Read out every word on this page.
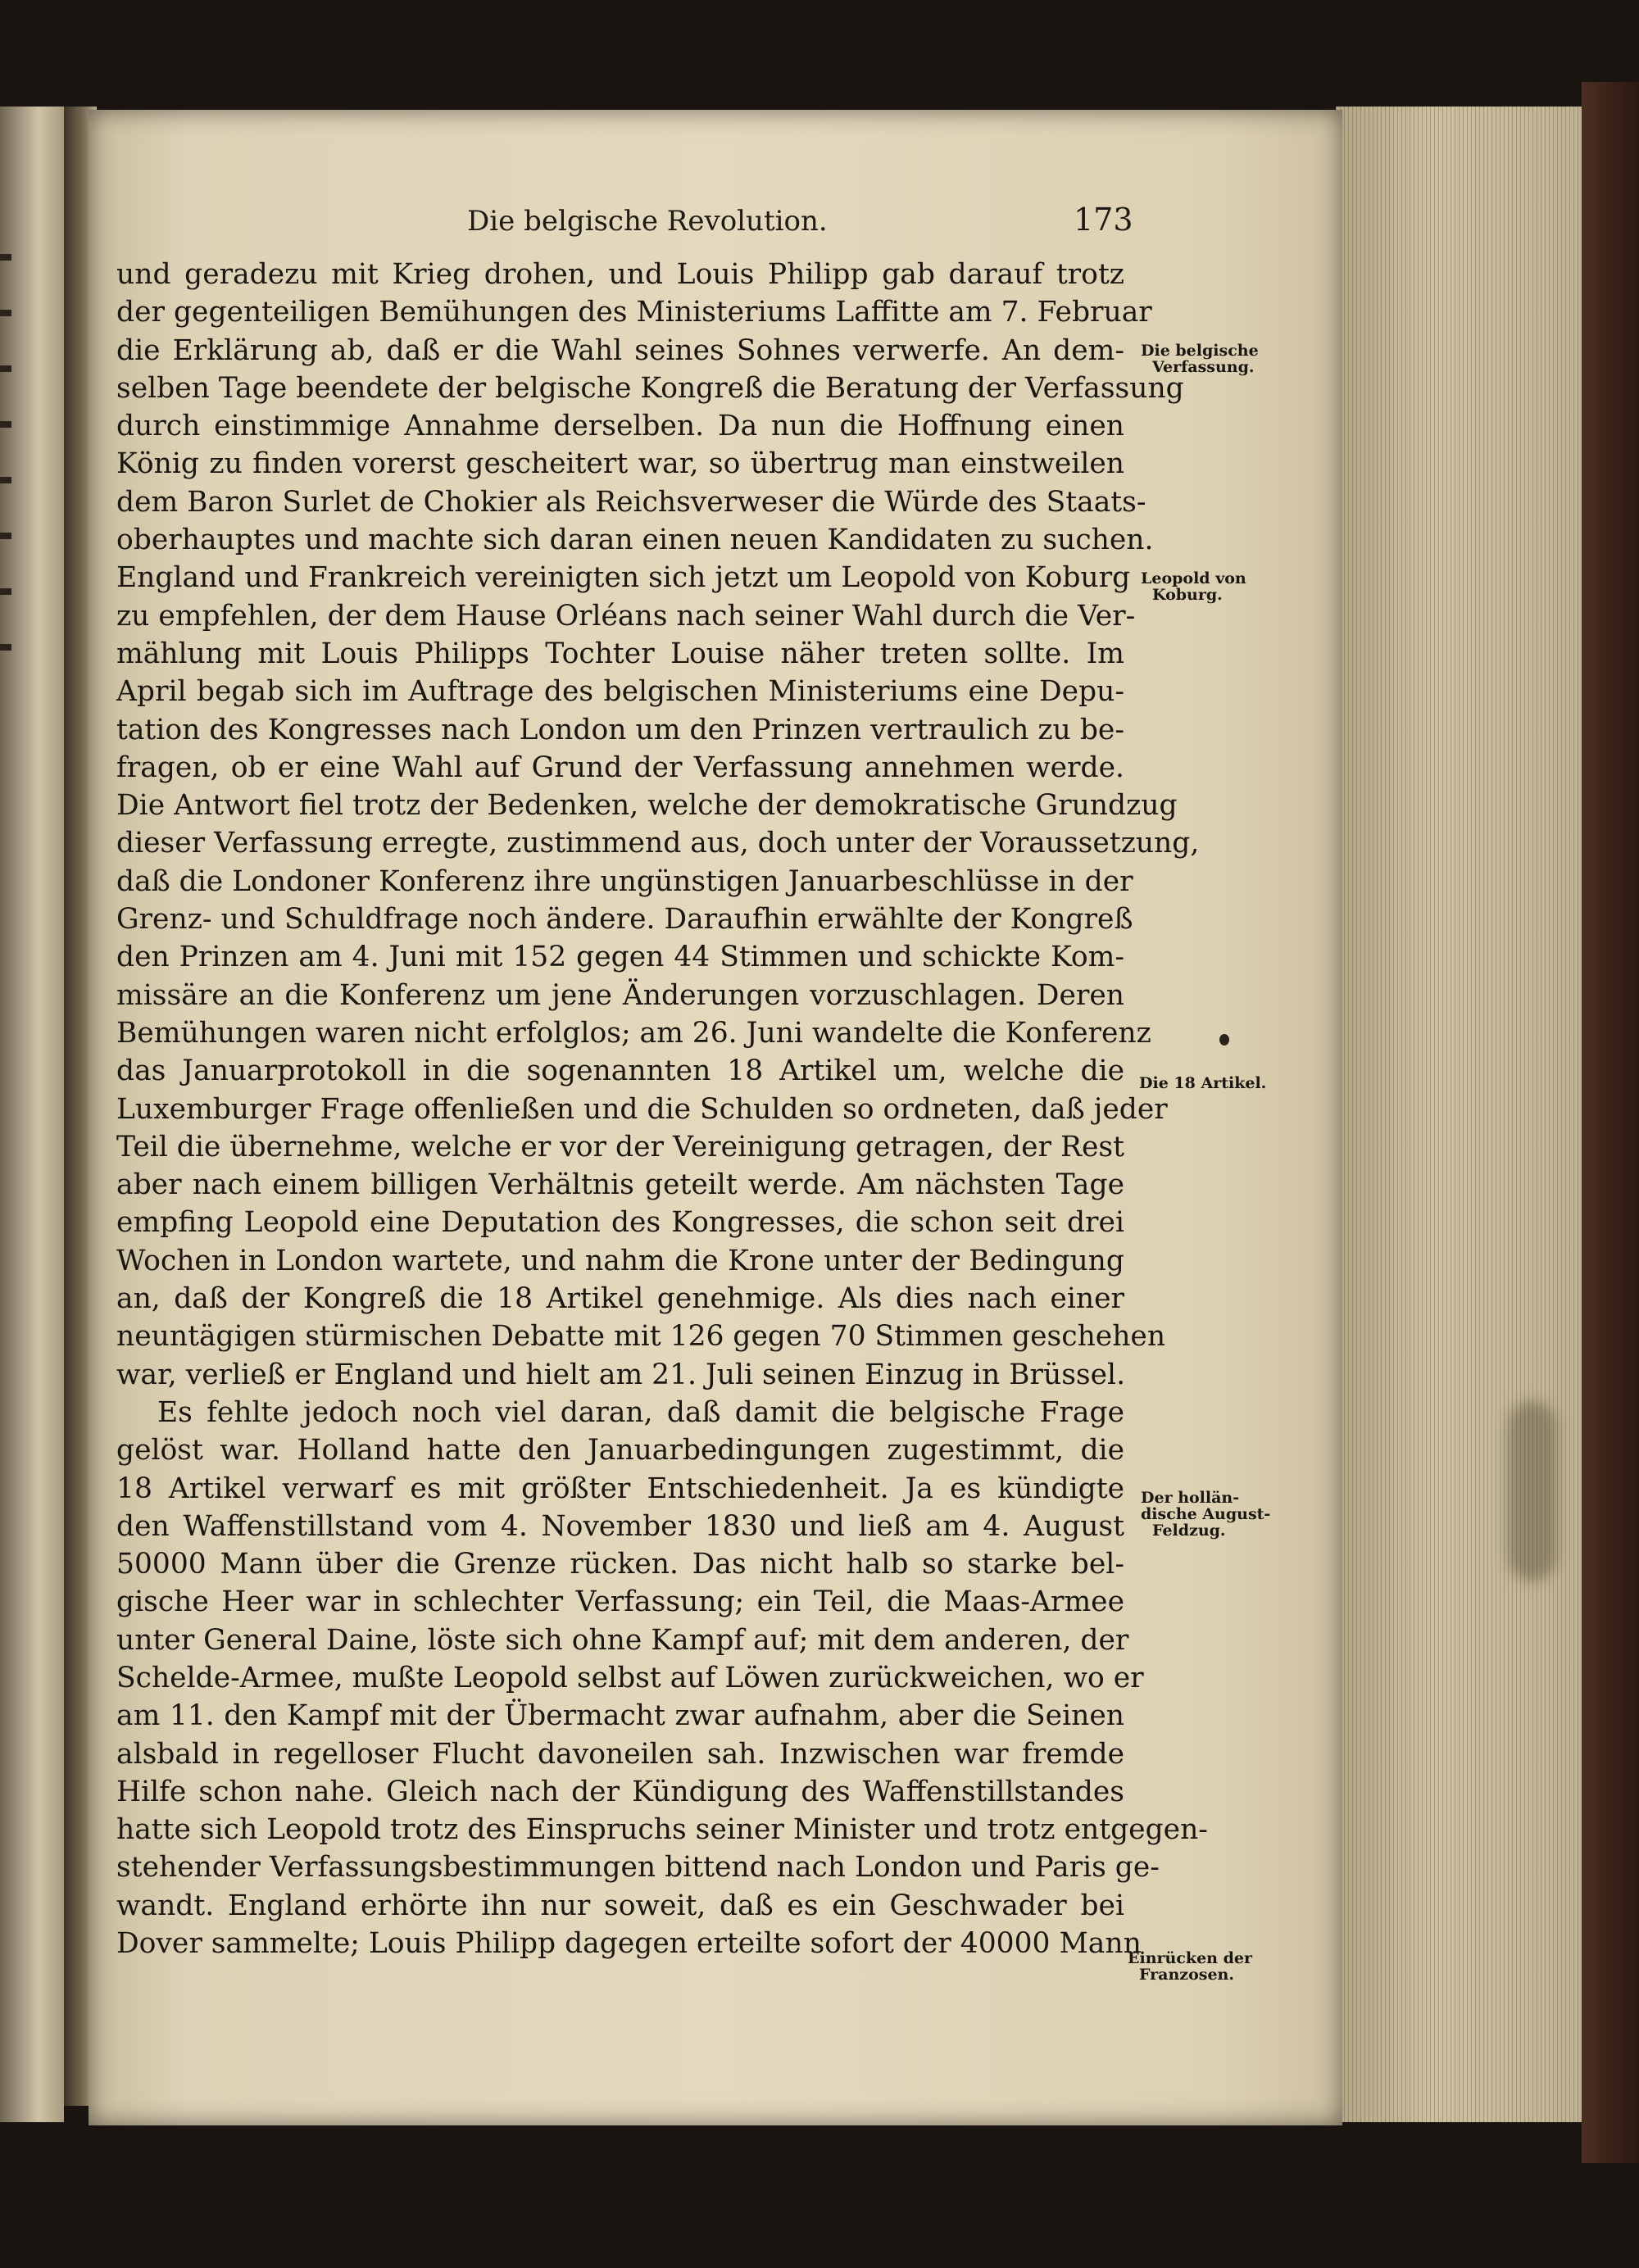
Die belgische Revolution.	173
und geradezu mit Krieg drohen, und Louis Philipp gab darauf trotz
der gegenteiligen Bemühungen des Ministeriums Laffitte am 7. Februar
die Erklärung ab, daß er die Wahl seines Sohnes verwerfe. An dem-
selben Tage beendete der belgische Kongreß die Beratung der Verfassung
durch einstimmige Annahme derselben. Da nun die Hoffnung einen
König zu finden vorerst gescheitert war, so übertrug man einstweilen
dem Baron Surlet de Chokier als Reichsverweser die Würde des Staats-
oberhauptes und machte sich daran einen neuen Kandidaten zu suchen.
England und Frankreich vereinigten sich jetzt um Leopold von Koburg
zu empfehlen, der dem Hause Orléans nach seiner Wahl durch die Ver-
mählung mit Louis Philipps Tochter Louise näher treten sollte. Im
April begab sich im Auftrage des belgischen Ministeriums eine Depu-
tation des Kongresses nach London um den Prinzen vertraulich zu be-
fragen, ob er eine Wahl auf Grund der Verfassung annehmen werde.
Die Antwort fiel trotz der Bedenken, welche der demokratische Grundzug
dieser Verfassung erregte, zustimmend aus, doch unter der Voraussetzung,
daß die Londoner Konferenz ihre ungünstigen Januarbeschlüsse in der
Grenz- und Schuldfrage noch ändere. Daraufhin erwählte der Kongreß
den Prinzen am 4. Juni mit 152 gegen 44 Stimmen und schickte Kom-
missäre an die Konferenz um jene Änderungen vorzuschlagen. Deren
Bemühungen waren nicht erfolglos; am 26. Juni wandelte die Konferenz
das Januarprotokoll in die sogenannten 18 Artikel um, welche die
Luxemburger Frage offenließen und die Schulden so ordneten, daß jeder
Teil die übernehme, welche er vor der Vereinigung getragen, der Rest
aber nach einem billigen Verhältnis geteilt werde. Am nächsten Tage
empfing Leopold eine Deputation des Kongresses, die schon seit drei
Wochen in London wartete, und nahm die Krone unter der Bedingung
an, daß der Kongreß die 18 Artikel genehmige. Als dies nach einer
neuntägigen stürmischen Debatte mit 126 gegen 70 Stimmen geschehen
war, verließ er England und hielt am 21. Juli seinen Einzug in Brüssel.
Es fehlte jedoch noch viel daran, daß damit die belgische Frage
gelöst war. Holland hatte den Januarbedingungen zugestimmt, die
18 Artikel verwarf es mit größter Entschiedenheit. Ja es kündigte
den Waffenstillstand vom 4. November 1830 und ließ am 4. August
50000 Mann über die Grenze rücken. Das nicht halb so starke bel-
gische Heer war in schlechter Verfassung; ein Teil, die Maas-Armee
unter General Daine, löste sich ohne Kampf auf; mit dem anderen, der
Schelde-Armee, mußte Leopold selbst auf Löwen zurückweichen, wo er
am 11. den Kampf mit der Übermacht zwar aufnahm, aber die Seinen
alsbald in regelloser Flucht davoneilen sah. Inzwischen war fremde
Hilfe schon nahe. Gleich nach der Kündigung des Waffenstillstandes
hatte sich Leopold trotz des Einspruchs seiner Minister und trotz entgegen-
stehender Verfassungsbestimmungen bittend nach London und Paris ge-
wandt. England erhörte ihn nur soweit, daß es ein Geschwader bei
Dover sammelte; Louis Philipp dagegen erteilte sofort der 40000 Mann
Die belgische
Verfassung.
Leopold von
Koburg.
Die 18 Artikel.
Der hollän-
dische August-
Feldzug.
Einrücken der
Franzosen.
